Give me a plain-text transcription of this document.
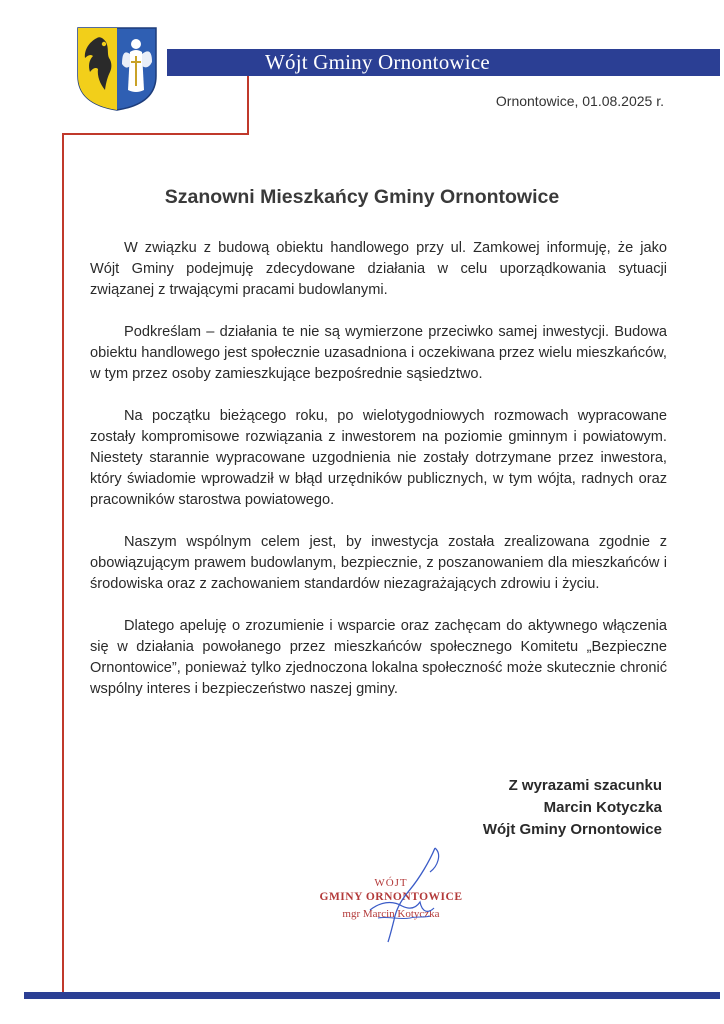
Wójt Gminy Ornontowice
Ornontowice, 01.08.2025 r.
Szanowni Mieszkańcy Gminy Ornontowice

W związku z budową obiektu handlowego przy ul. Zamkowej informuję, że jako Wójt Gminy podejmuję zdecydowane działania w celu uporządkowania sytuacji związanej z trwającymi pracami budowlanymi.

Podkreślam – działania te nie są wymierzone przeciwko samej inwestycji. Budowa obiektu handlowego jest społecznie uzasadniona i oczekiwana przez wielu mieszkańców, w tym przez osoby zamieszkujące bezpośrednie sąsiedztwo.

Na początku bieżącego roku, po wielotygodniowych rozmowach wypracowane zostały kompromisowe rozwiązania z inwestorem na poziomie gminnym i powiatowym. Niestety starannie wypracowane uzgodnienia nie zostały dotrzymane przez inwestora, który świadomie wprowadził w błąd urzędników publicznych, w tym wójta, radnych oraz pracowników starostwa powiatowego.

Naszym wspólnym celem jest, by inwestycja została zrealizowana zgodnie z obowiązującym prawem budowlanym, bezpiecznie, z poszanowaniem dla mieszkańców i środowiska oraz z zachowaniem standardów niezagrażających zdrowiu i życiu.

Dlatego apeluję o zrozumienie i wsparcie oraz zachęcam do aktywnego włączenia się w działania powołanego przez mieszkańców społecznego Komitetu „Bezpieczne Ornontowice”, ponieważ tylko zjednoczona lokalna społeczność może skutecznie chronić wspólny interes i bezpieczeństwo naszej gminy.

Z wyrazami szacunku
Marcin Kotyczka
Wójt Gminy Ornontowice
WÓJT
GMINY ORNONTOWICE
mgr Marcin Kotyczka
